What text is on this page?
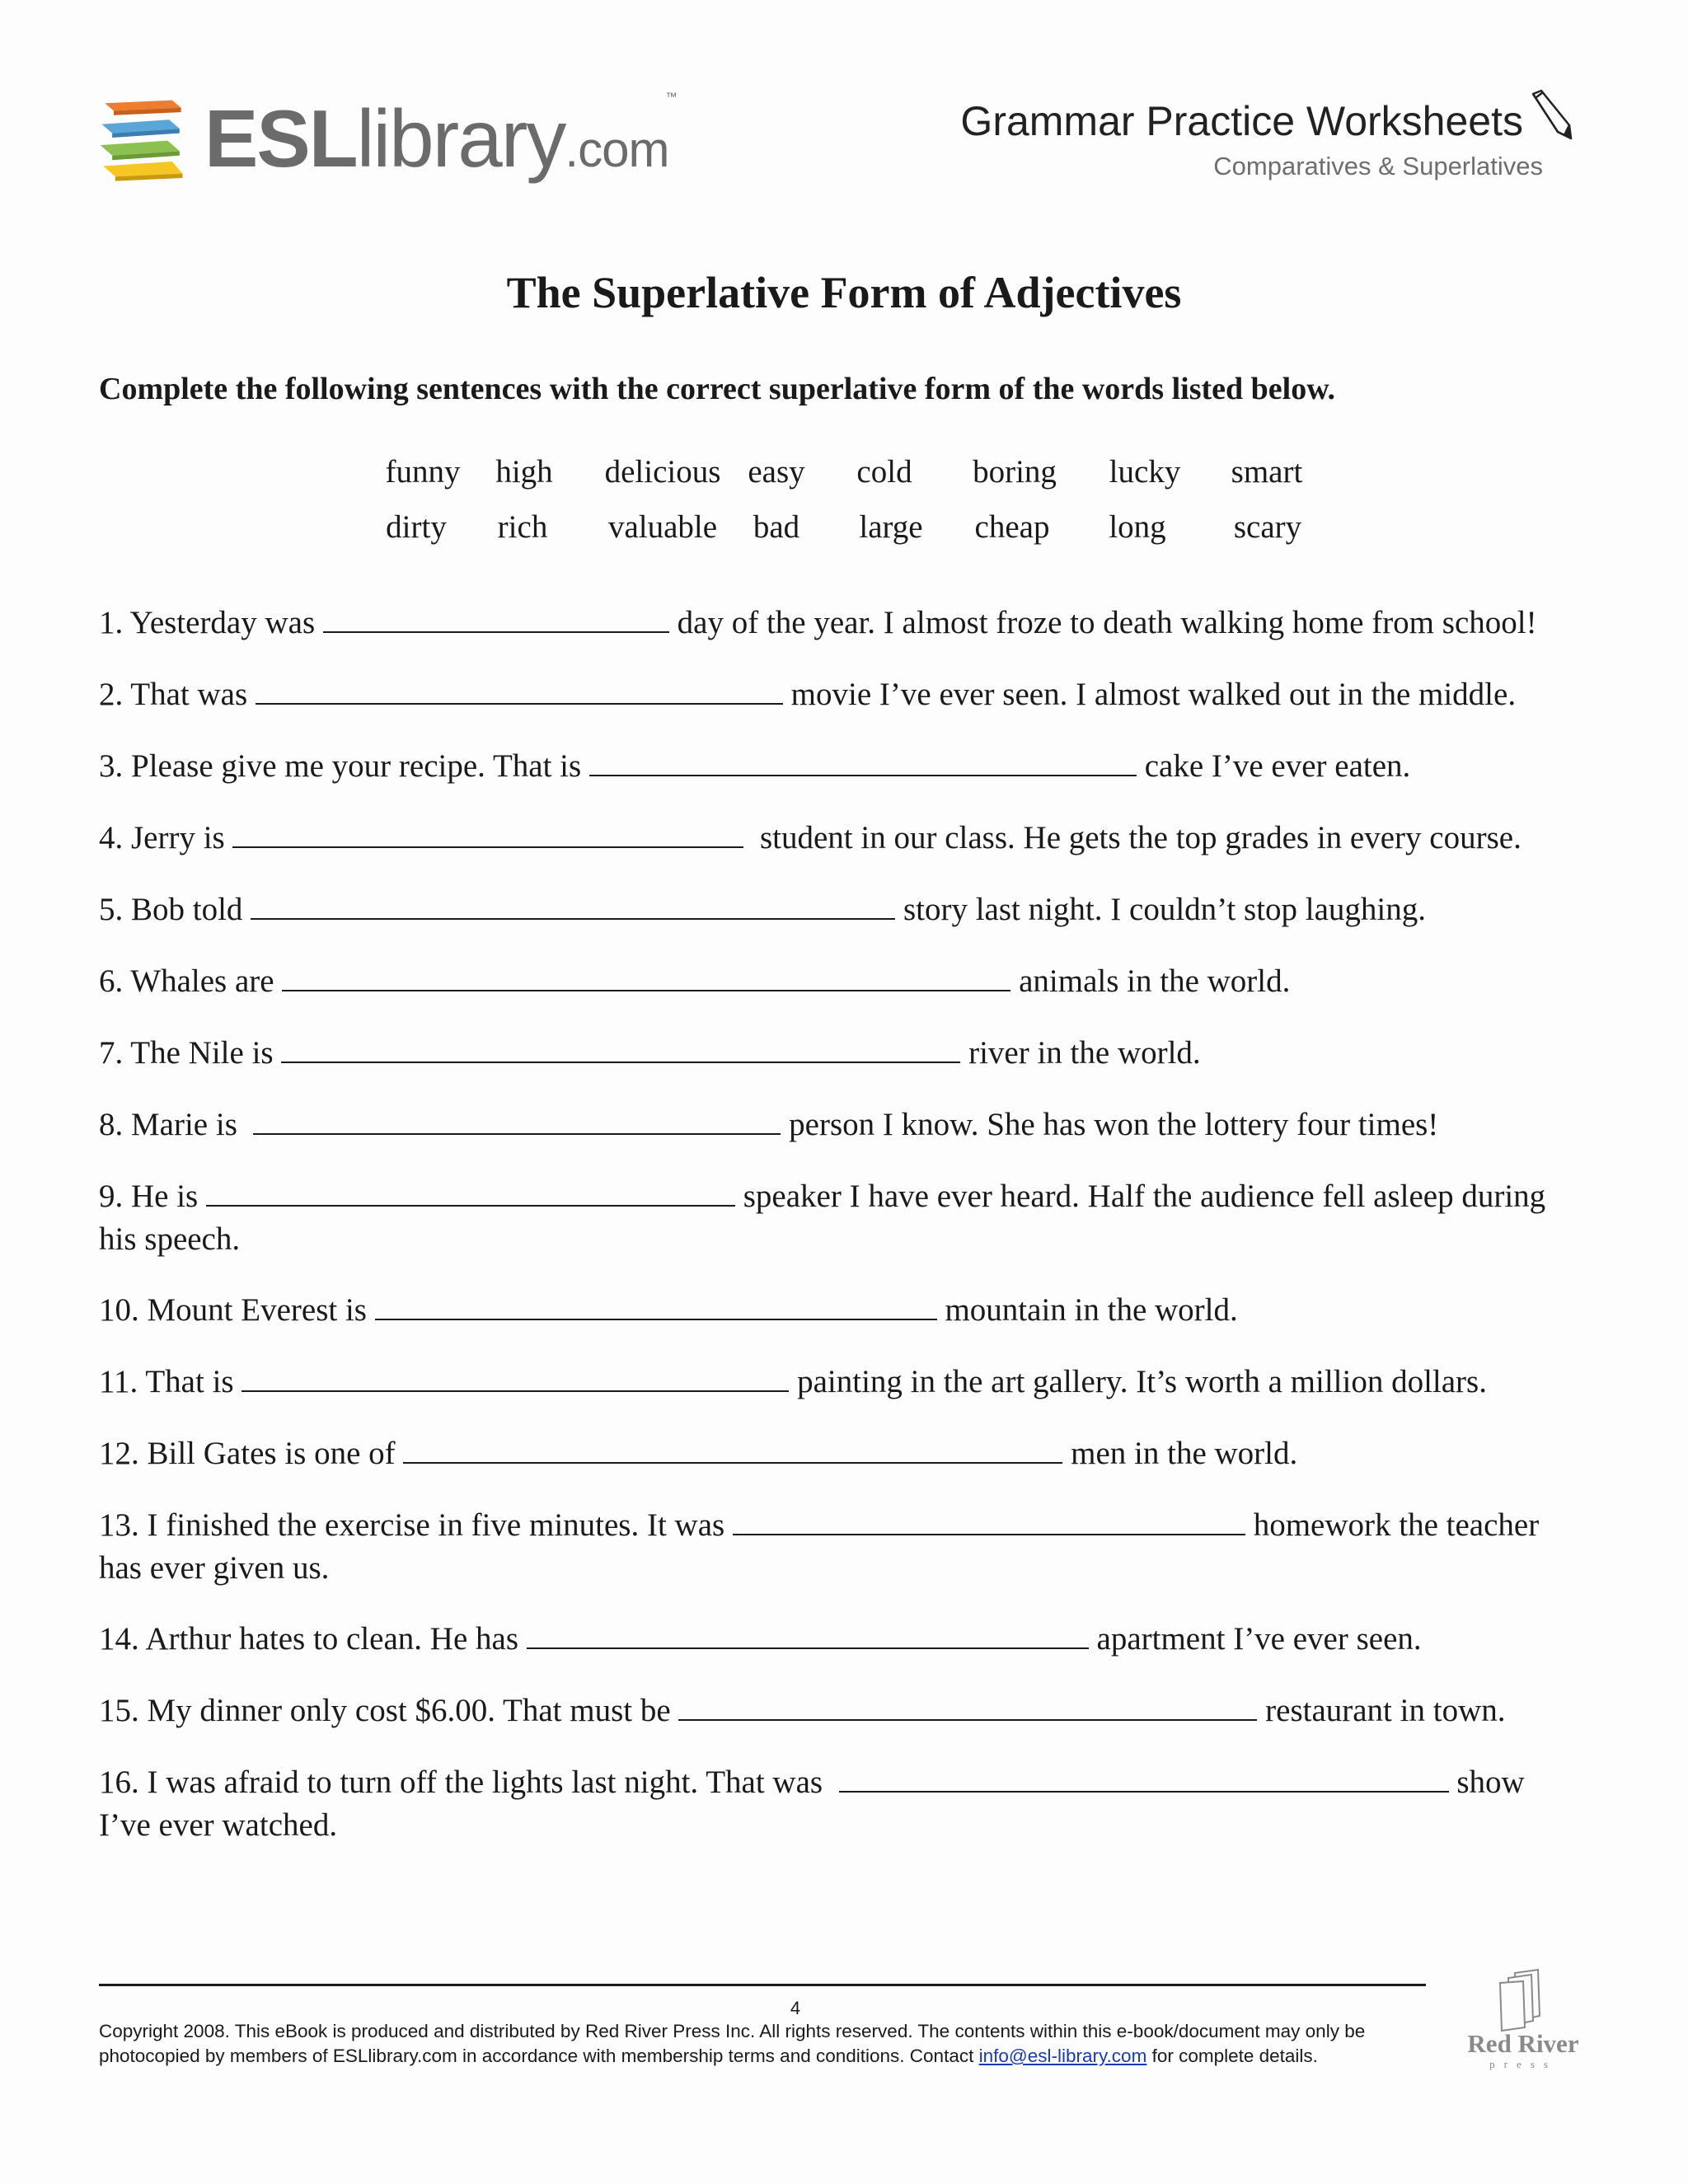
ESL library .com
™
Grammar Practice Worksheets
Comparatives & Superlatives
The Superlative Form of Adjectives
Complete the following sentences with the correct superlative form of the words listed below.
funny high delicious easy cold boring lucky smart
dirty rich valuable bad large cheap long scary
1. Yesterday was	day of the year. I almost froze to death walking home from school!
2. That was	movie I’ve ever seen. I almost walked out in the middle.
3. Please give me your recipe. That is	cake I’ve ever eaten.
4. Jerry is	student in our class. He gets the top grades in every course.
5. Bob told	story last night. I couldn’t stop laughing.
6. Whales are	animals in the world.
7. The Nile is	river in the world.
8. Marie is	person I know. She has won the lottery four times!
9. He is	speaker I have ever heard. Half the audience fell asleep during his speech.
10. Mount Everest is	mountain in the world.
11. That is	painting in the art gallery. It’s worth a million dollars.
12. Bill Gates is one of	men in the world.
13. I finished the exercise in five minutes. It was	homework the teacher has ever given us.
14. Arthur hates to clean. He has	apartment I’ve ever seen.
15. My dinner only cost $6.00. That must be	restaurant in town.
16. I was afraid to turn off the lights last night. That was	show I’ve ever watched.
4
Copyright 2008. This eBook is produced and distributed by Red River Press Inc. All rights reserved. The contents within this e-book/document may only be
photocopied by members of ESLlibrary.com in accordance with membership terms and conditions. Contact info@esl-library.com for complete details.	Red River
press
